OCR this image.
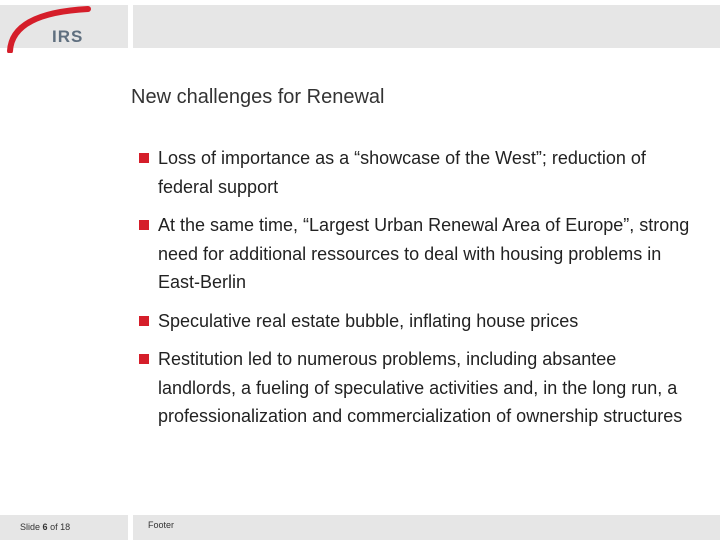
IRS
New challenges for Renewal
Loss of importance as a “showcase of the West”; reduction of federal support
At the same time, “Largest Urban Renewal Area of Europe”, strong need for additional ressources to deal with housing problems in East-Berlin
Speculative real estate bubble, inflating house prices
Restitution led to numerous problems, including absantee landlords, a fueling of speculative activities and, in the long run, a professionalization and commercialization of ownership structures
Slide 6 of 18	Footer
